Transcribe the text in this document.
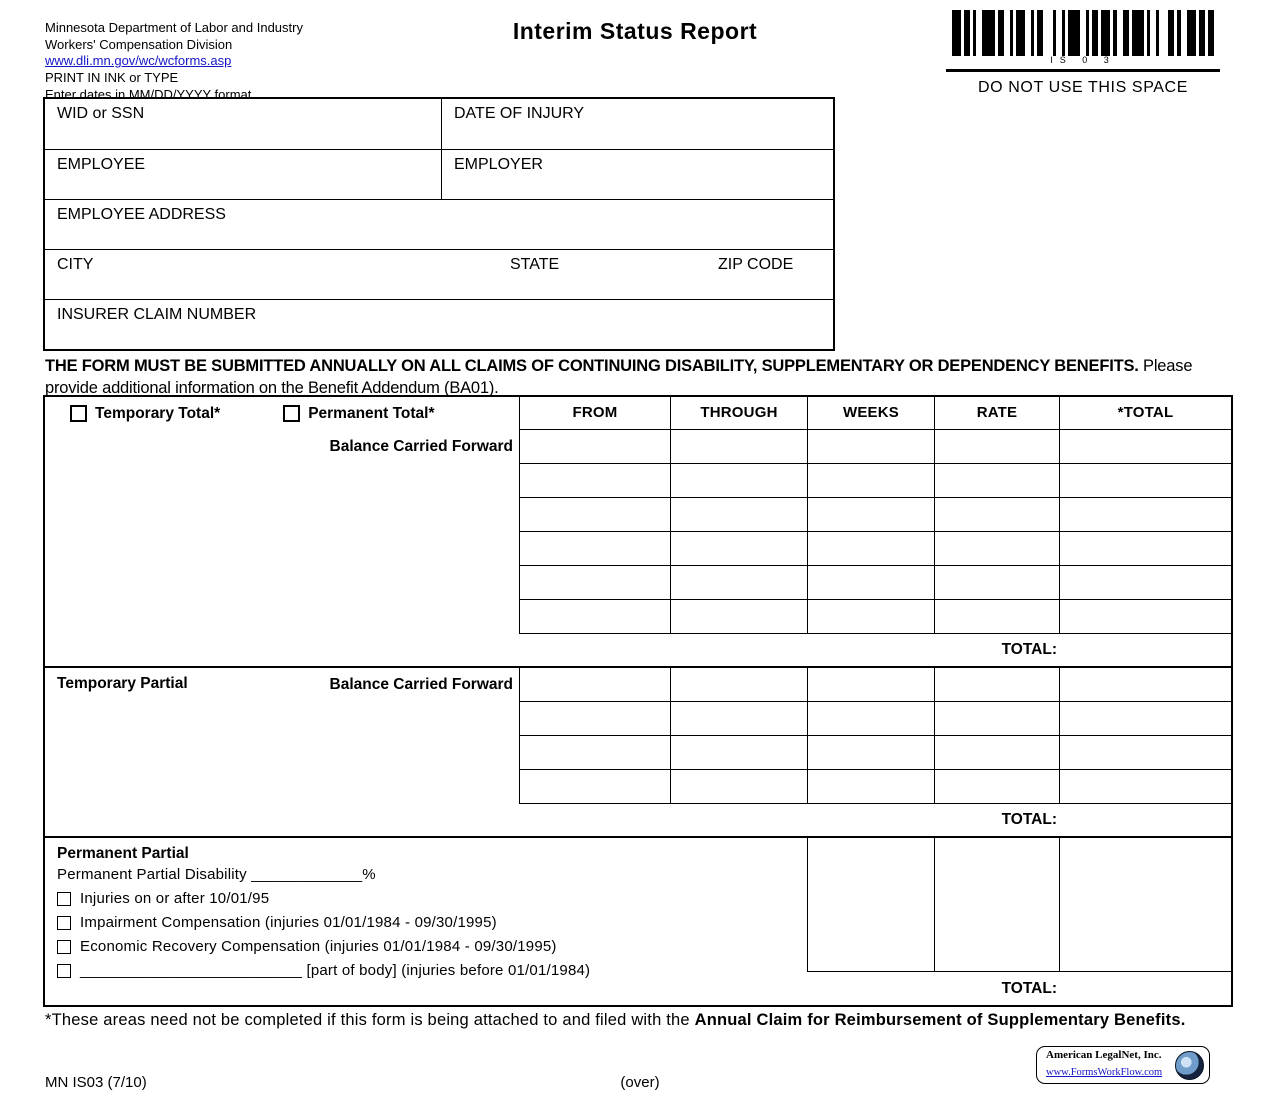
Minnesota Department of Labor and Industry
Workers' Compensation Division
www.dli.mn.gov/wc/wcforms.asp
PRINT IN INK or TYPE
Enter dates in MM/DD/YYYY format.
Interim Status Report
IS 0 3
DO NOT USE THIS SPACE
WID or SSN	DATE OF INJURY
EMPLOYEE	EMPLOYER
EMPLOYEE ADDRESS
CITY	STATE	ZIP CODE
INSURER CLAIM NUMBER
THE FORM MUST BE SUBMITTED ANNUALLY ON ALL CLAIMS OF CONTINUING DISABILITY, SUPPLEMENTARY OR DEPENDENCY BENEFITS. Please provide additional information on the Benefit Addendum (BA01).
Temporary Total*	Permanent Total*	FROM	THROUGH	WEEKS	RATE	*TOTAL
Balance Carried Forward
TOTAL:
Temporary Partial	Balance Carried Forward
TOTAL:
Permanent Partial
Permanent Partial Disability _____________%
Injuries on or after 10/01/95
Impairment Compensation (injuries 01/01/1984 - 09/30/1995)
Economic Recovery Compensation (injuries 01/01/1984 - 09/30/1995)
__________________________ [part of body] (injuries before 01/01/1984)
TOTAL:
*These areas need not be completed if this form is being attached to and filed with the Annual Claim for Reimbursement of Supplementary Benefits.
American LegalNet, Inc.
www.FormsWorkFlow.com
MN IS03 (7/10)	(over)
